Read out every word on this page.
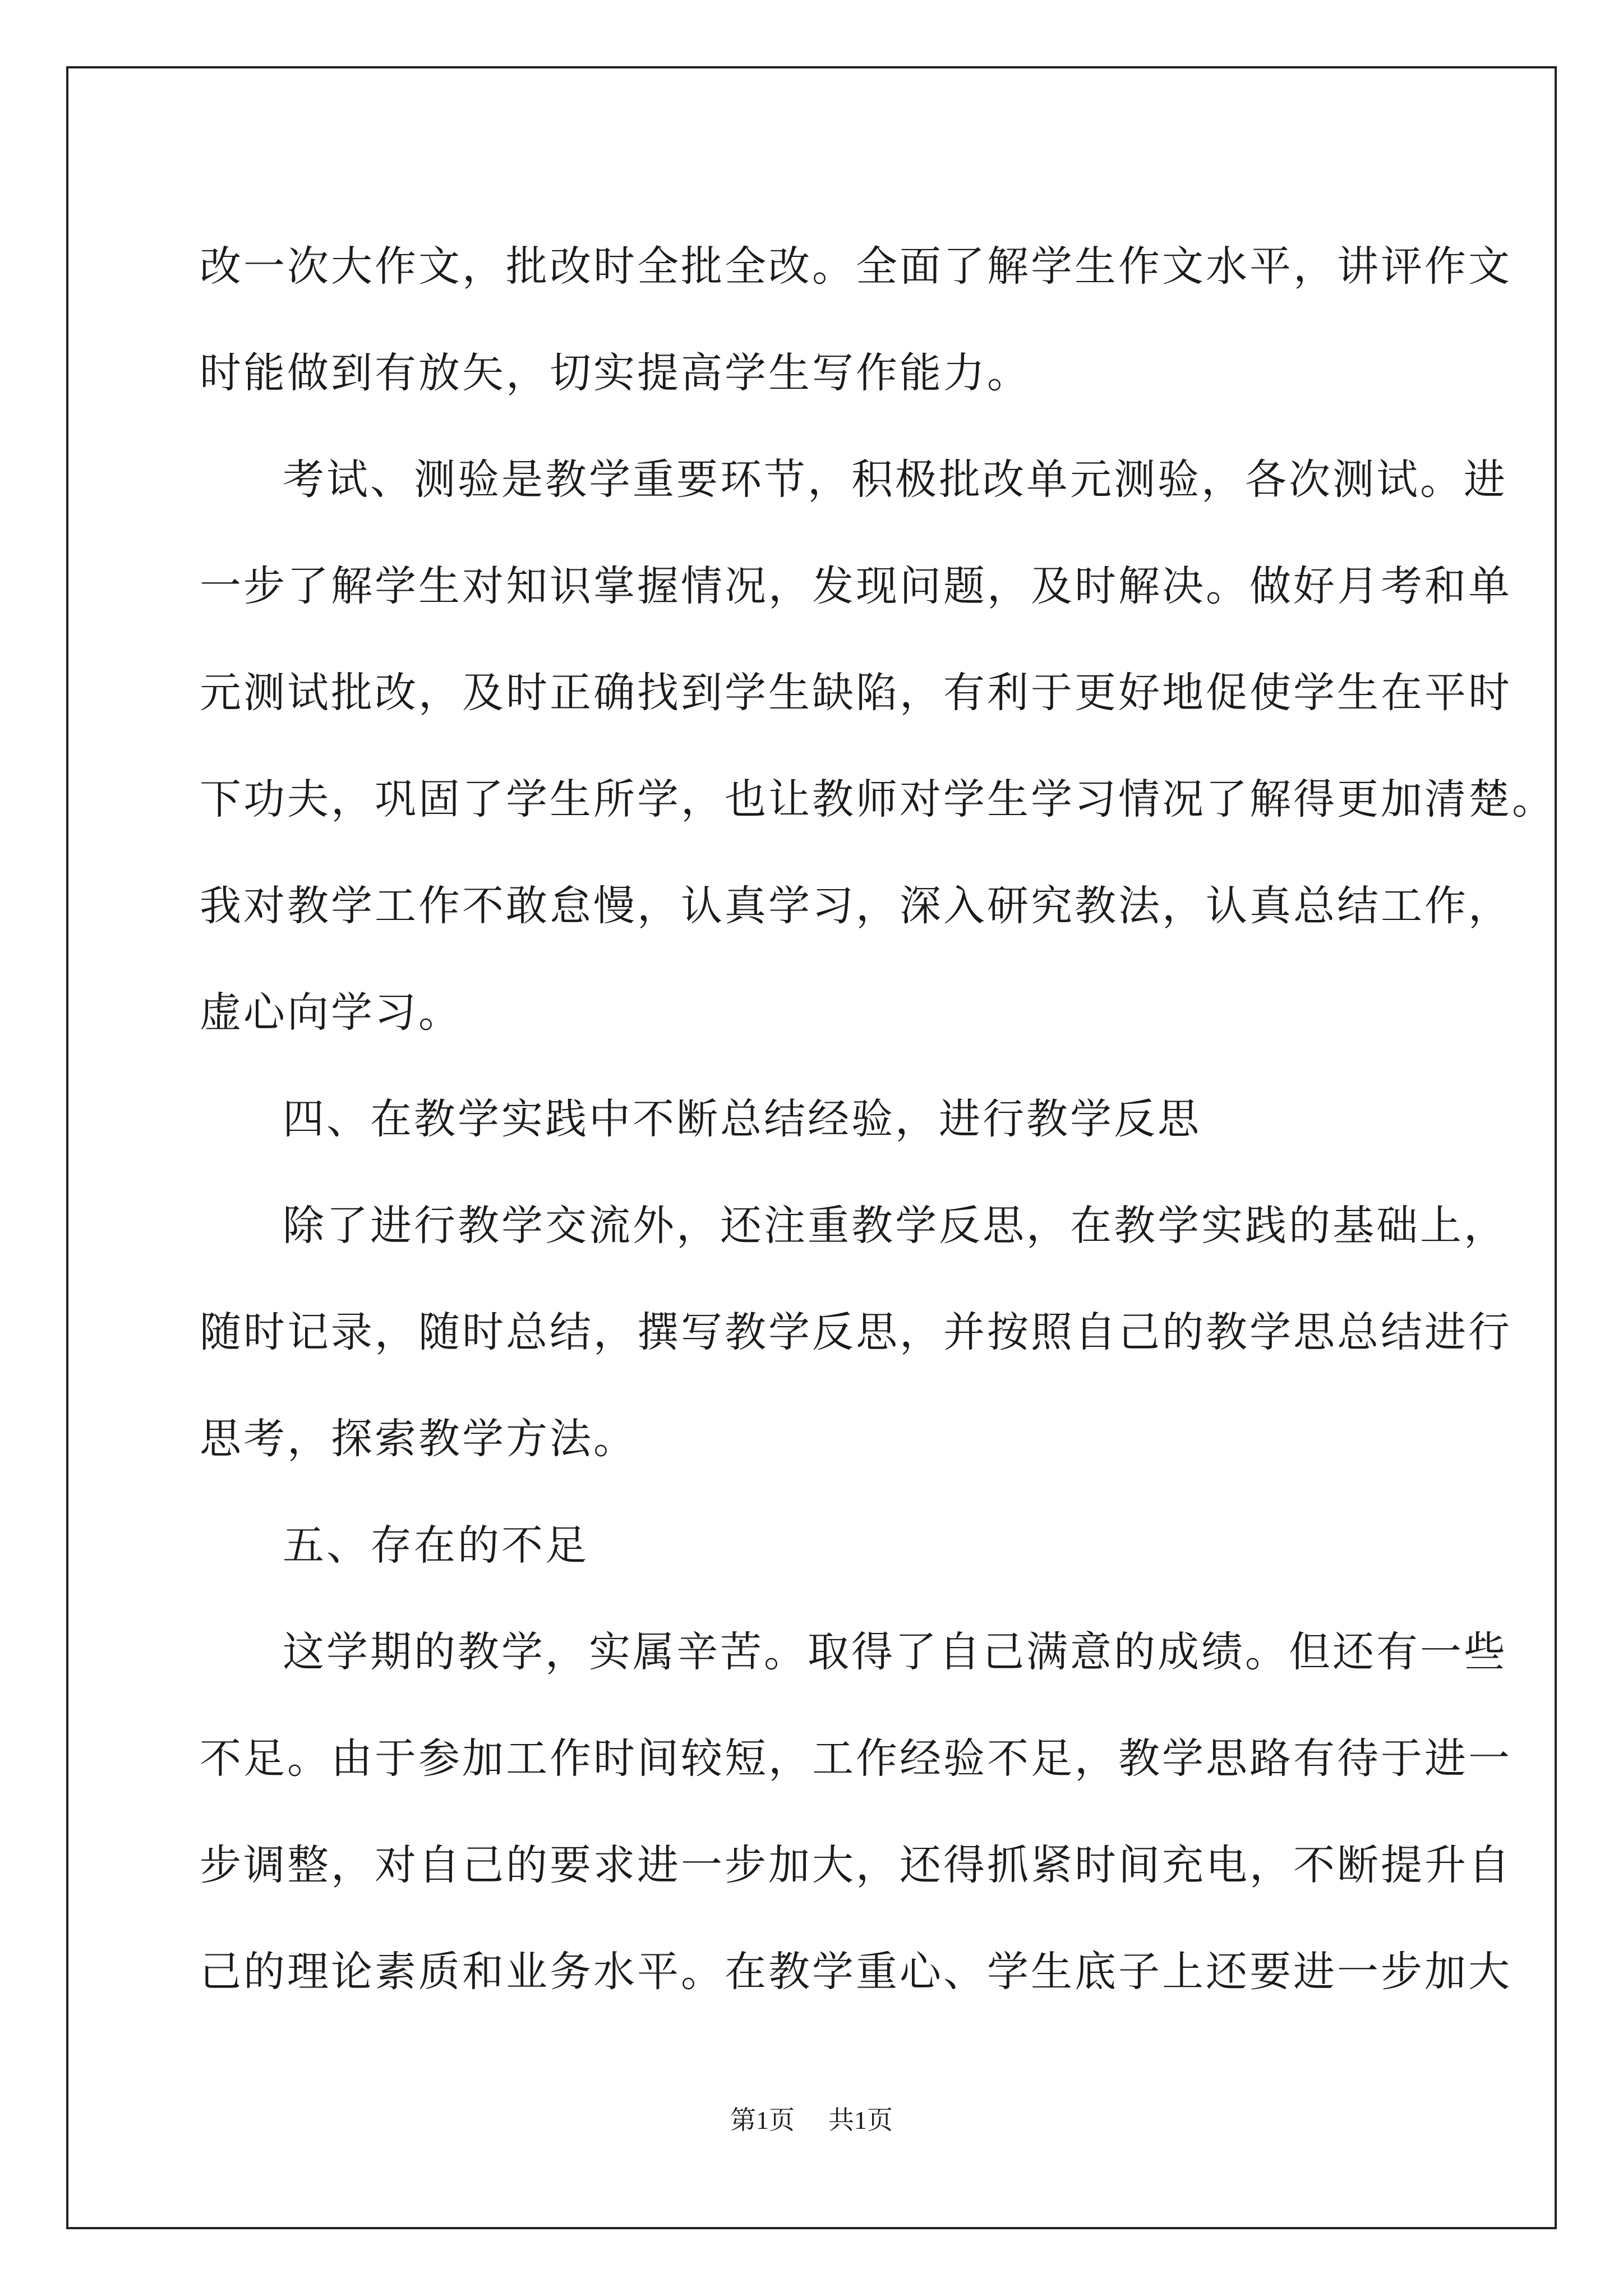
改一次大作文，批改时全批全改。全面了解学生作文水平，讲评作文
时能做到有放矢，切实提高学生写作能力。
考试、测验是教学重要环节，积极批改单元测验，各次测试。进
一步了解学生对知识掌握情况，发现问题，及时解决。做好月考和单
元测试批改，及时正确找到学生缺陷，有利于更好地促使学生在平时
下功夫，巩固了学生所学，也让教师对学生学习情况了解得更加清楚。
我对教学工作不敢怠慢，认真学习，深入研究教法，认真总结工作，
虚心向学习。
四、在教学实践中不断总结经验，进行教学反思
除了进行教学交流外，还注重教学反思，在教学实践的基础上，
随时记录，随时总结，撰写教学反思，并按照自己的教学思总结进行
思考，探索教学方法。
五、存在的不足
这学期的教学，实属辛苦。取得了自己满意的成绩。但还有一些
不足。由于参加工作时间较短，工作经验不足，教学思路有待于进一
步调整，对自己的要求进一步加大，还得抓紧时间充电，不断提升自
己的理论素质和业务水平。在教学重心、学生底子上还要进一步加大
第1页 共1页
